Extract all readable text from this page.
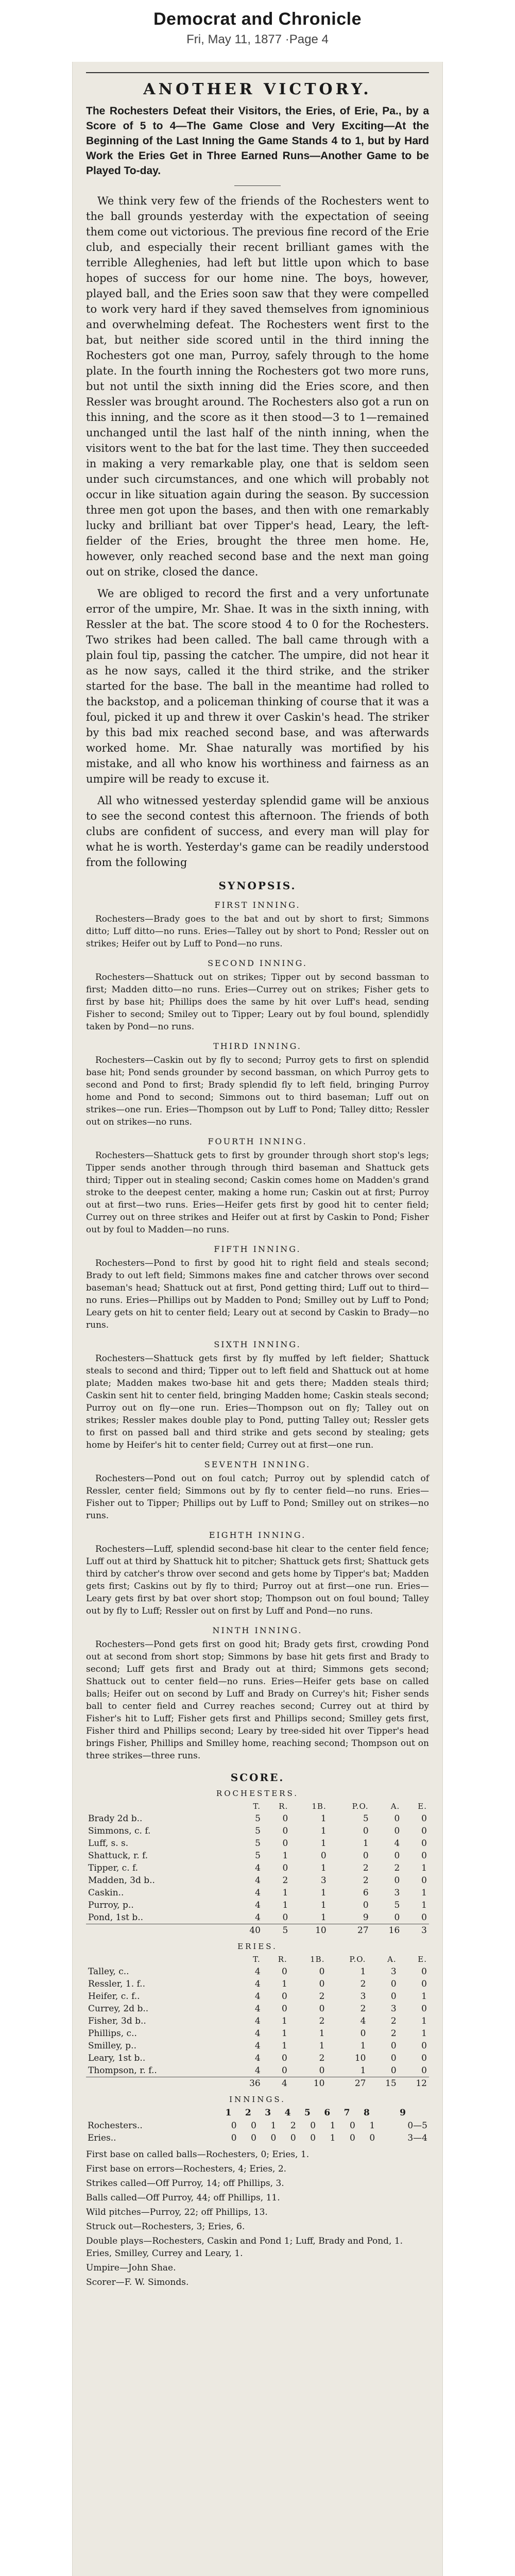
Democrat and Chronicle
Fri, May 11, 1877 ·Page 4
ANOTHER VICTORY.
The Rochesters Defeat their Visitors, the Eries, of Erie, Pa., by a Score of 5 to 4—The Game Close and Very Exciting—At the Beginning of the Last Inning the Game Stands 4 to 1, but by Hard Work the Eries Get in Three Earned Runs—Another Game to be Played To-day.

We think very few of the friends of the Rochesters went to the ball grounds yesterday with the expectation of seeing them come out victorious. The previous fine record of the Erie club, and especially their recent brilliant games with the terrible Alleghenies, had left but little upon which to base hopes of success for our home nine. The boys, however, played ball, and the Eries soon saw that they were compelled to work very hard if they saved themselves from ignominious and overwhelming defeat. The Rochesters went first to the bat, but neither side scored until in the third inning the Rochesters got one man, Purroy, safely through to the home plate. In the fourth inning the Rochesters got two more runs, but not until the sixth inning did the Eries score, and then Ressler was brought around. The Rochesters also got a run on this inning, and the score as it then stood—3 to 1—remained unchanged until the last half of the ninth inning, when the visitors went to the bat for the last time. They then succeeded in making a very remarkable play, one that is seldom seen under such circumstances, and one which will probably not occur in like situation again during the season. By succession three men got upon the bases, and then with one remarkably lucky and brilliant bat over Tipper's head, Leary, the left-fielder of the Eries, brought the three men home. He, however, only reached second base and the next man going out on strike, closed the dance.

We are obliged to record the first and a very unfortunate error of the umpire, Mr. Shae. It was in the sixth inning, with Ressler at the bat. The score stood 4 to 0 for the Rochesters. Two strikes had been called. The ball came through with a plain foul tip, passing the catcher. The umpire, did not hear it as he now says, called it the third strike, and the striker started for the base. The ball in the meantime had rolled to the backstop, and a policeman thinking of course that it was a foul, picked it up and threw it over Caskin's head. The striker by this bad mix reached second base, and was afterwards worked home. Mr. Shae naturally was mortified by his mistake, and all who know his worthiness and fairness as an umpire will be ready to excuse it.

All who witnessed yesterday splendid game will be anxious to see the second contest this afternoon. The friends of both clubs are confident of success, and every man will play for what he is worth. Yesterday's game can be readily understood from the following

SYNOPSIS.
FIRST INNING.

Rochesters—Brady goes to the bat and out by short to first; Simmons ditto; Luff ditto—no runs. Eries—Talley out by short to Pond; Ressler out on strikes; Heifer out by Luff to Pond—no runs.

SECOND INNING.

Rochesters—Shattuck out on strikes; Tipper out by second bassman to first; Madden ditto—no runs. Eries—Currey out on strikes; Fisher gets to first by base hit; Phillips does the same by hit over Luff's head, sending Fisher to second; Smiley out to Tipper; Leary out by foul bound, splendidly taken by Pond—no runs.

THIRD INNING.

Rochesters—Caskin out by fly to second; Purroy gets to first on splendid base hit; Pond sends grounder by second bassman, on which Purroy gets to second and Pond to first; Brady splendid fly to left field, bringing Purroy home and Pond to second; Simmons out to third baseman; Luff out on strikes—one run. Eries—Thompson out by Luff to Pond; Talley ditto; Ressler out on strikes—no runs.

FOURTH INNING.

Rochesters—Shattuck gets to first by grounder through short stop's legs; Tipper sends another through through third baseman and Shattuck gets third; Tipper out in stealing second; Caskin comes home on Madden's grand stroke to the deepest center, making a home run; Caskin out at first; Purroy out at first—two runs. Eries—Heifer gets first by good hit to center field; Currey out on three strikes and Heifer out at first by Caskin to Pond; Fisher out by foul to Madden—no runs.

FIFTH INNING.

Rochesters—Pond to first by good hit to right field and steals second; Brady to out left field; Simmons makes fine and catcher throws over second baseman's head; Shattuck out at first, Pond getting third; Luff out to third—no runs. Eries—Phillips out by Madden to Pond; Smilley out by Luff to Pond; Leary gets on hit to center field; Leary out at second by Caskin to Brady—no runs.

SIXTH INNING.

Rochesters—Shattuck gets first by fly muffed by left fielder; Shattuck steals to second and third; Tipper out to left field and Shattuck out at home plate; Madden makes two-base hit and gets there; Madden steals third; Caskin sent hit to center field, bringing Madden home; Caskin steals second; Purroy out on fly—one run. Eries—Thompson out on fly; Talley out on strikes; Ressler makes double play to Pond, putting Talley out; Ressler gets to first on passed ball and third strike and gets second by stealing; gets home by Heifer's hit to center field; Currey out at first—one run.

SEVENTH INNING.

Rochesters—Pond out on foul catch; Purroy out by splendid catch of Ressler, center field; Simmons out by fly to center field—no runs. Eries—Fisher out to Tipper; Phillips out by Luff to Pond; Smilley out on strikes—no runs.

EIGHTH INNING.

Rochesters—Luff, splendid second-base hit clear to the center field fence; Luff out at third by Shattuck hit to pitcher; Shattuck gets first; Shattuck gets third by catcher's throw over second and gets home by Tipper's bat; Madden gets first; Caskins out by fly to third; Purroy out at first—one run. Eries—Leary gets first by bat over short stop; Thompson out on foul bound; Talley out by fly to Luff; Ressler out on first by Luff and Pond—no runs.

NINTH INNING.

Rochesters—Pond gets first on good hit; Brady gets first, crowding Pond out at second from short stop; Simmons by base hit gets first and Brady to second; Luff gets first and Brady out at third; Simmons gets second; Shattuck out to center field—no runs. Eries—Heifer gets base on called balls; Heifer out on second by Luff and Brady on Currey's hit; Fisher sends ball to center field and Currey reaches second; Currey out at third by Fisher's hit to Luff; Fisher gets first and Phillips second; Smilley gets first, Fisher third and Phillips second; Leary by tree-sided hit over Tipper's head brings Fisher, Phillips and Smilley home, reaching second; Thompson out on three strikes—three runs.

SCORE.
ROCHESTERS.
	T.	R.	1B.	P.O.	A.	E.
Brady 2d b..	5	0	1	5	0	0
Simmons, c. f.	5	0	1	0	0	0
Luff, s. s.	5	0	1	1	4	0
Shattuck, r. f.	5	1	0	0	0	0
Tipper, c. f.	4	0	1	2	2	1
Madden, 3d b..	4	2	3	2	0	0
Caskin..	4	1	1	6	3	1
Purroy, p..	4	1	1	0	5	1
Pond, 1st b..	4	0	1	9	0	0
	40	5	10	27	16	3
ERIES.
	T.	R.	1B.	P.O.	A.	E.
Talley, c..	4	0	0	1	3	0
Ressler, 1. f..	4	1	0	2	0	0
Heifer, c. f..	4	0	2	3	0	1
Currey, 2d b..	4	0	0	2	3	0
Fisher, 3d b..	4	1	2	4	2	1
Phillips, c..	4	1	1	0	2	1
Smilley, p..	4	1	1	1	0	0
Leary, 1st b..	4	0	2	10	0	0
Thompson, r. f..	4	0	0	1	0	0
	36	4	10	27	15	12
INNINGS.
	1	2	3	4	5	6	7	8	9
Rochesters..	0	0	1	2	0	1	0	1	0—5
Eries..	0	0	0	0	0	1	0	0	3—4

First base on called balls—Rochesters, 0; Eries, 1.

First base on errors—Rochesters, 4; Eries, 2.

Strikes called—Off Purroy, 14; off Phillips, 3.

Balls called—Off Purroy, 44; off Phillips, 11.

Wild pitches—Purroy, 22; off Phillips, 13.

Struck out—Rochesters, 3; Eries, 6.

Double plays—Rochesters, Caskin and Pond 1; Luff, Brady and Pond, 1. Eries, Smilley, Currey and Leary, 1.

Umpire—John Shae.

Scorer—F. W. Simonds.
